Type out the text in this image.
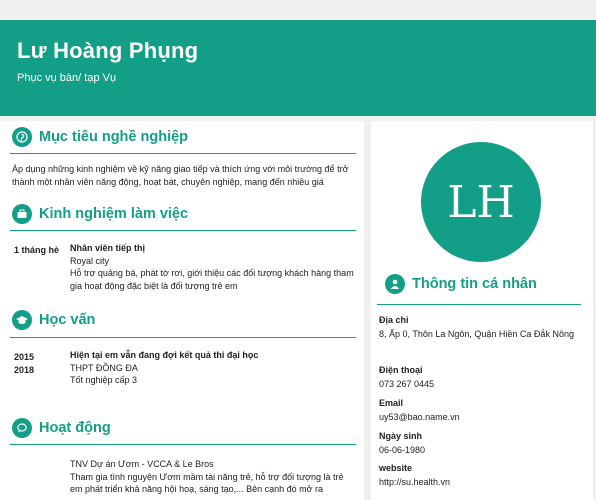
Lư Hoàng Phụng
Phục vụ bàn/ tạp Vụ
Mục tiêu nghề nghiệp
Áp dụng những kinh nghiệm về kỹ năng giao tiếp và thích ứng với môi trường để trở thành một nhân viên năng động, hoạt bát, chuyên nghiệp, mang đến nhiều giá
Kinh nghiệm làm việc
1 tháng hè Nhân viên tiếp thị
Royal city
Hỗ trợ quảng bá, phát tờ rơi, giới thiệu các đối tượng khách hàng tham gia hoạt động đặc biệt là đối tượng trẻ em
Học vấn
2015
2018
Hiện tại em vẫn đang đợi kết quả thi đại học
THPT ĐỒNG ĐA
Tốt nghiệp cấp 3
Hoạt động
TNV Dự án Ươm - VCCA & Le Bros
Tham gia tình nguyện Ươm mầm tài năng trẻ, hỗ trợ đối tượng là trẻ em phát triển khả năng hội hoạ, sáng tạo,... Bên cạnh đó mở ra
LH
Thông tin cá nhân
Địa chỉ
8, Ấp 0, Thôn La Ngôn, Quận Hiền Ca Đắk Nông
Điện thoại
073 267 0445
Email
uy53@bao.name.vn
Ngày sinh
06-06-1980
website
http://su.health.vn
